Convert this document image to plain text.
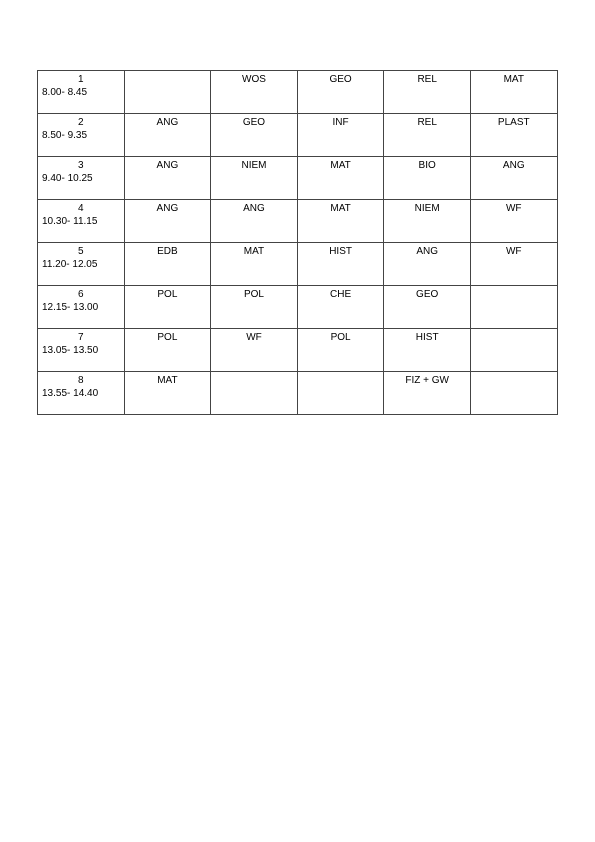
1
8.00- 8.45		WOS	GEO	REL	MAT

2
8.50- 9.35	ANG	GEO	INF	REL	PLAST

3
9.40- 10.25	ANG	NIEM	MAT	BIO	ANG

4
10.30- 11.15	ANG	ANG	MAT	NIEM	WF

5
11.20- 12.05	EDB	MAT	HIST	ANG	WF

6
12.15- 13.00	POL	POL	CHE	GEO	

7
13.05- 13.50	POL	WF	POL	HIST	

8
13.55- 14.40	MAT			FIZ + GW	
